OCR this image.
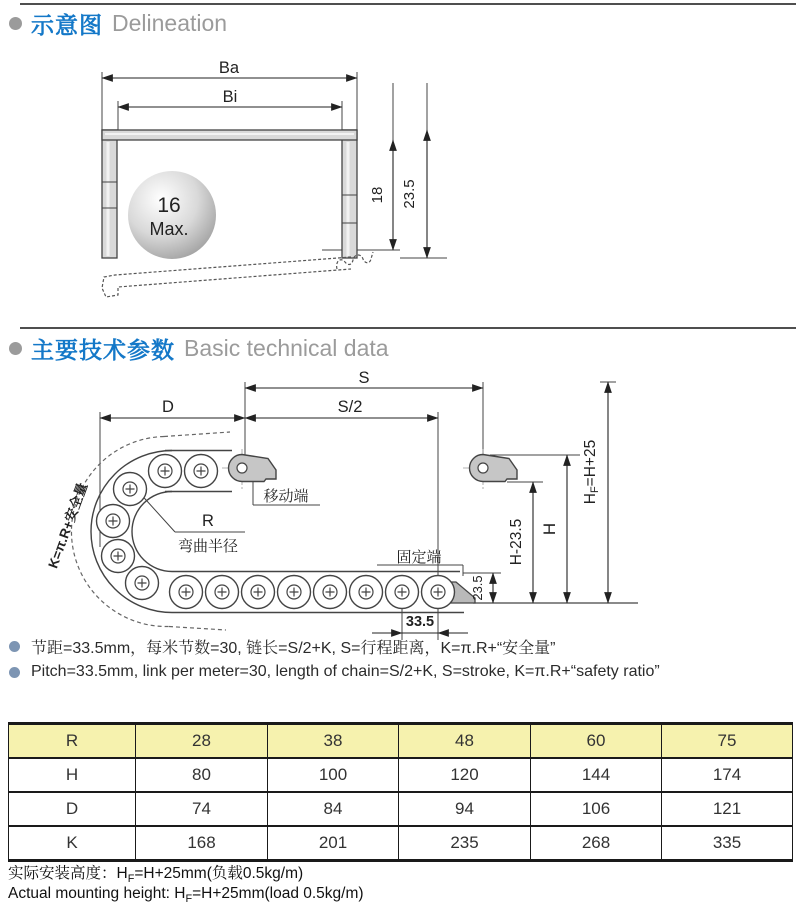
示意图 Delineation
16
Max.
Ba
Bi
18 23.5
主要技术参数 Basic technical data
S
S/2
D
K=π.R+安全量	R
弯曲半径
移动端
固定端
23.5
H-23.5 H
HF=H+25
33.5
节距=33.5mm，每米节数=30, 链长=S/2+K, S=行程距离，K=π.R+“安全量”
Pitch=33.5mm, link per meter=30, length of chain=S/2+K, S=stroke, K=π.R+“safety ratio”
R	28	38	48	60	75
H	80	100	120	144	174
D	74	84	94	106	121
K	168	201	235	268	335
实际安装高度：$H_F=H+25mm$(负载0.5kg/m)
Actual mounting height: $H_F=H+25mm(load$ 0.5kg/m)
